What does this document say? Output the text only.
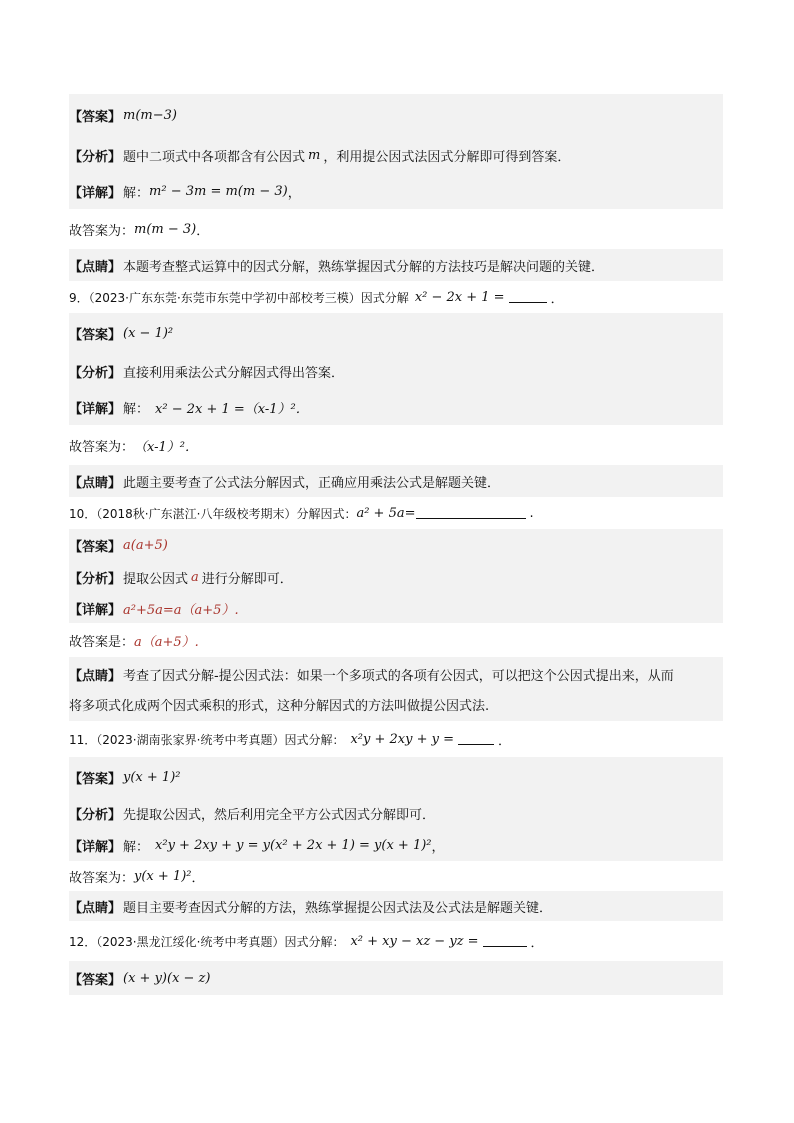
【答案】 m(m−3)
【分析】 题中二项式中各项都含有公因式 m ，利用提公因式法因式分解即可得到答案．
【详解】 解： m² − 3m = m(m − 3) ，
故答案为： m(m − 3) ．
【点睛】 本题考查整式运算中的因式分解，熟练掌握因式分解的方法技巧是解决问题的关键．
9．（2023·广东东莞·东莞市东莞中学初中部校考三模）因式分解 x² − 2x + 1 =	．
【答案】 (x − 1)²
【分析】 直接利用乘法公式分解因式得出答案．
【详解】 解： x² − 2x + 1 =（x-1）²．
故答案为： （x-1）²．
【点睛】 此题主要考查了公式法分解因式，正确应用乘法公式是解题关键．
10．（2018秋·广东湛江·八年级校考期末）分解因式： a² + 5a=	.
【答案】 a(a+5)
【分析】 提取公因式 a 进行分解即可．
【详解】 a²+5a=a（a+5）.
故答案是： a（a+5）.
【点睛】 考查了因式分解-提公因式法：如果一个多项式的各项有公因式，可以把这个公因式提出来，从而
将多项式化成两个因式乘积的形式，这种分解因式的方法叫做提公因式法.
11．（2023·湖南张家界·统考中考真题）因式分解： x²y + 2xy + y =	．
【答案】 y(x + 1)²
【分析】 先提取公因式，然后利用完全平方公式因式分解即可．
【详解】 解： x²y + 2xy + y = y(x² + 2x + 1) = y(x + 1)² ，
故答案为： y(x + 1)² ．
【点睛】 题目主要考查因式分解的方法，熟练掌握提公因式法及公式法是解题关键．
12．（2023·黑龙江绥化·统考中考真题）因式分解： x² + xy − xz − yz =	．
【答案】 (x + y)(x − z)
